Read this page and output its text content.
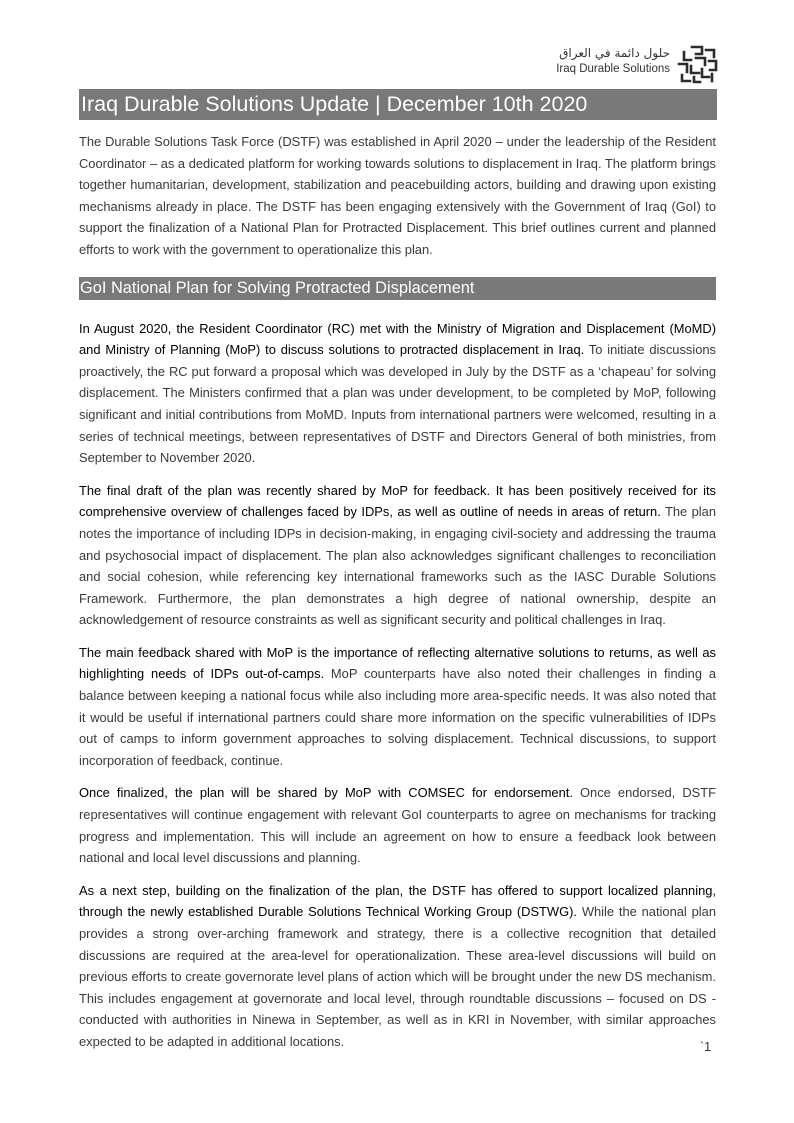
حلول دائمة في العراق
Iraq Durable Solutions
Iraq Durable Solutions Update | December 10th 2020

The Durable Solutions Task Force (DSTF) was established in April 2020 – under the leadership of the Resident Coordinator – as a dedicated platform for working towards solutions to displacement in Iraq. The platform brings together humanitarian, development, stabilization and peacebuilding actors, building and drawing upon existing mechanisms already in place. The DSTF has been engaging extensively with the Government of Iraq (GoI) to support the finalization of a National Plan for Protracted Displacement. This brief outlines current and planned efforts to work with the government to operationalize this plan.

GoI National Plan for Solving Protracted Displacement

In August 2020, the Resident Coordinator (RC) met with the Ministry of Migration and Displacement (MoMD) and Ministry of Planning (MoP) to discuss solutions to protracted displacement in Iraq. To initiate discussions proactively, the RC put forward a proposal which was developed in July by the DSTF as a ‘chapeau’ for solving displacement. The Ministers confirmed that a plan was under development, to be completed by MoP, following significant and initial contributions from MoMD. Inputs from international partners were welcomed, resulting in a series of technical meetings, between representatives of DSTF and Directors General of both ministries, from September to November 2020.

The final draft of the plan was recently shared by MoP for feedback. It has been positively received for its comprehensive overview of challenges faced by IDPs, as well as outline of needs in areas of return. The plan notes the importance of including IDPs in decision-making, in engaging civil-society and addressing the trauma and psychosocial impact of displacement. The plan also acknowledges significant challenges to reconciliation and social cohesion, while referencing key international frameworks such as the IASC Durable Solutions Framework. Furthermore, the plan demonstrates a high degree of national ownership, despite an acknowledgement of resource constraints as well as significant security and political challenges in Iraq.

The main feedback shared with MoP is the importance of reflecting alternative solutions to returns, as well as highlighting needs of IDPs out-of-camps. MoP counterparts have also noted their challenges in finding a balance between keeping a national focus while also including more area-specific needs. It was also noted that it would be useful if international partners could share more information on the specific vulnerabilities of IDPs out of camps to inform government approaches to solving displacement. Technical discussions, to support incorporation of feedback, continue.

Once finalized, the plan will be shared by MoP with COMSEC for endorsement. Once endorsed, DSTF representatives will continue engagement with relevant GoI counterparts to agree on mechanisms for tracking progress and implementation. This will include an agreement on how to ensure a feedback look between national and local level discussions and planning.

As a next step, building on the finalization of the plan, the DSTF has offered to support localized planning, through the newly established Durable Solutions Technical Working Group (DSTWG). While the national plan provides a strong over-arching framework and strategy, there is a collective recognition that detailed discussions are required at the area-level for operationalization. These area-level discussions will build on previous efforts to create governorate level plans of action which will be brought under the new DS mechanism. This includes engagement at governorate and local level, through roundtable discussions – focused on DS - conducted with authorities in Ninewa in September, as well as in KRI in November, with similar approaches expected to be adapted in additional locations.	`1
